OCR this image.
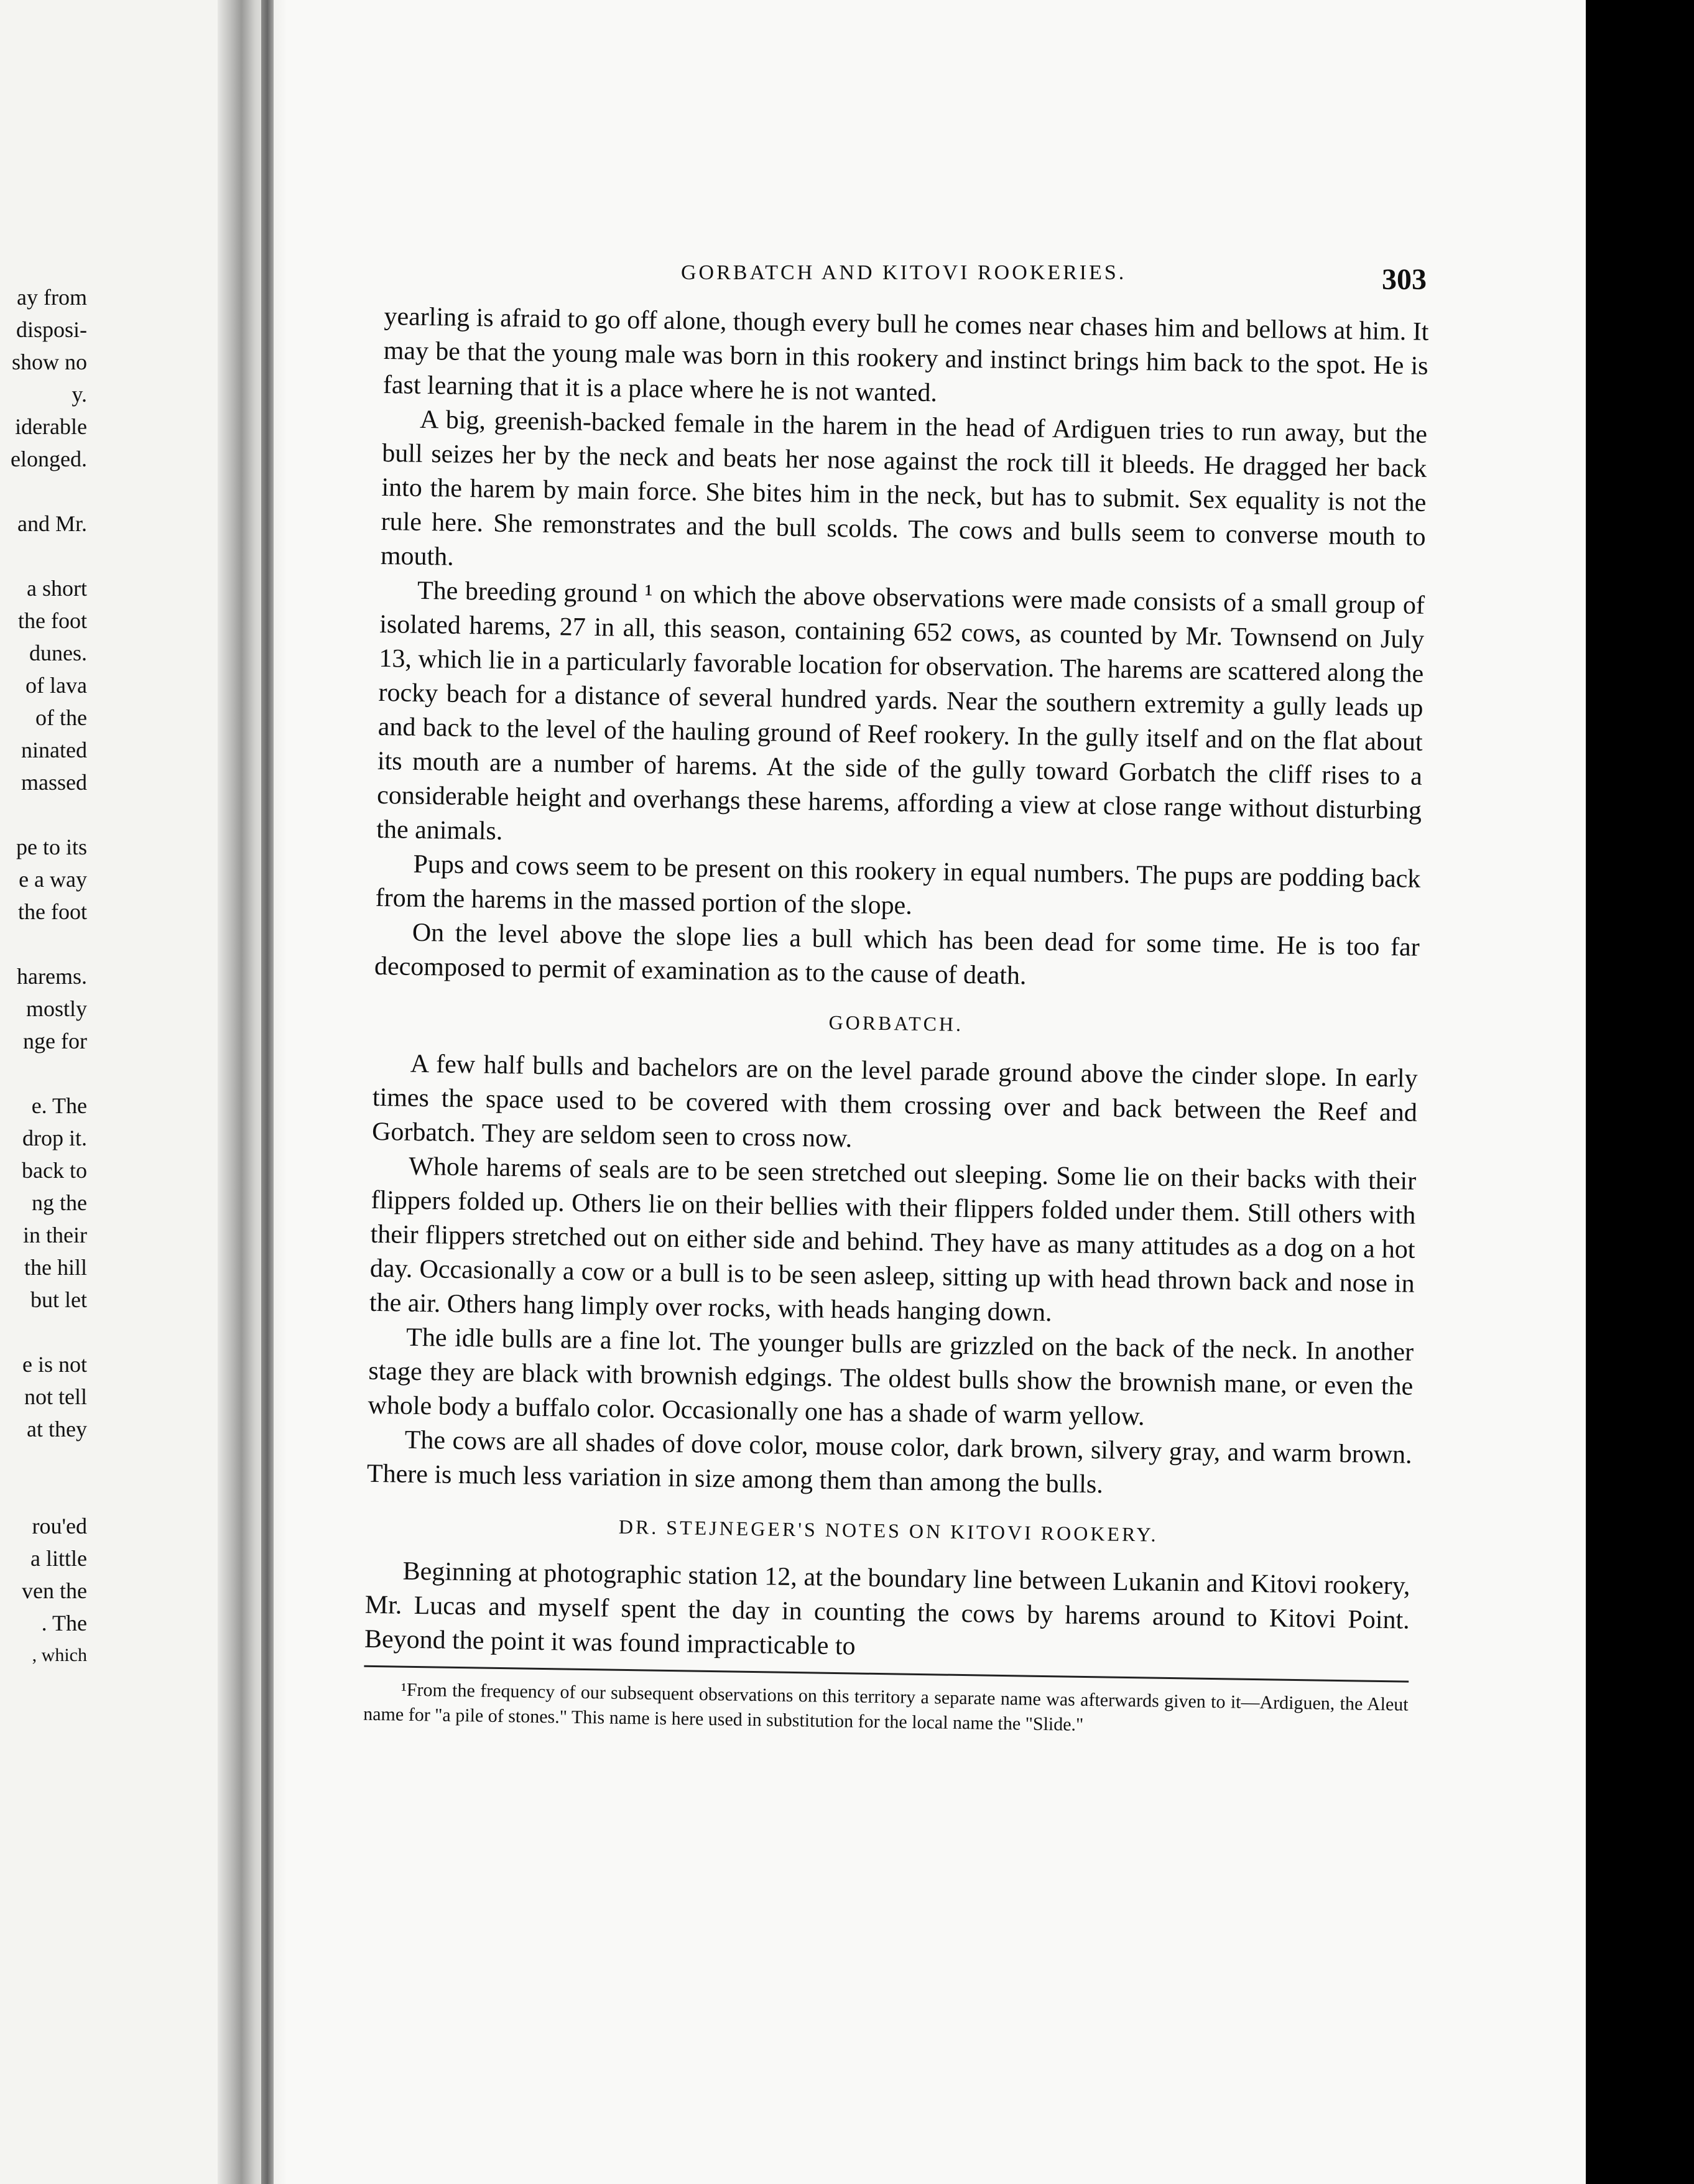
ay from
disposi-
show no
y.
iderable
elonged.
and Mr.
a short
the foot
dunes.
of lava
of the
ninated
massed
pe to its
e a way
the foot
harems.
mostly
nge for
e. The
drop it.
back to
ng the
in their
the hill
but let
e is not
not tell
at they
rou'ed
a little
ven the
. The
, which
GORBATCH AND KITOVI ROOKERIES.	303

yearling is afraid to go off alone, though every bull he comes near chases him and bellows at him. It may be that the young male was born in this rookery and instinct brings him back to the spot. He is fast learning that it is a place where he is not wanted.

A big, greenish-backed female in the harem in the head of Ardiguen tries to run away, but the bull seizes her by the neck and beats her nose against the rock till it bleeds. He dragged her back into the harem by main force. She bites him in the neck, but has to submit. Sex equality is not the rule here. She remonstrates and the bull scolds. The cows and bulls seem to converse mouth to mouth.

The breeding ground ¹ on which the above observations were made consists of a small group of isolated harems, 27 in all, this season, containing 652 cows, as counted by Mr. Townsend on July 13, which lie in a particularly favorable location for observation. The harems are scattered along the rocky beach for a distance of several hundred yards. Near the southern extremity a gully leads up and back to the level of the hauling ground of Reef rookery. In the gully itself and on the flat about its mouth are a number of harems. At the side of the gully toward Gorbatch the cliff rises to a considerable height and overhangs these harems, affording a view at close range without disturbing the animals.

Pups and cows seem to be present on this rookery in equal numbers. The pups are podding back from the harems in the massed portion of the slope.

On the level above the slope lies a bull which has been dead for some time. He is too far decomposed to permit of examination as to the cause of death.

GORBATCH.

A few half bulls and bachelors are on the level parade ground above the cinder slope. In early times the space used to be covered with them crossing over and back between the Reef and Gorbatch. They are seldom seen to cross now.

Whole harems of seals are to be seen stretched out sleeping. Some lie on their backs with their flippers folded up. Others lie on their bellies with their flippers folded under them. Still others with their flippers stretched out on either side and behind. They have as many attitudes as a dog on a hot day. Occasionally a cow or a bull is to be seen asleep, sitting up with head thrown back and nose in the air. Others hang limply over rocks, with heads hanging down.

The idle bulls are a fine lot. The younger bulls are grizzled on the back of the neck. In another stage they are black with brownish edgings. The oldest bulls show the brownish mane, or even the whole body a buffalo color. Occasionally one has a shade of warm yellow.

The cows are all shades of dove color, mouse color, dark brown, silvery gray, and warm brown. There is much less variation in size among them than among the bulls.

DR. STEJNEGER'S NOTES ON KITOVI ROOKERY.

Beginning at photographic station 12, at the boundary line between Lukanin and Kitovi rookery, Mr. Lucas and myself spent the day in counting the cows by harems around to Kitovi Point. Beyond the point it was found impracticable to

¹From the frequency of our subsequent observations on this territory a separate name was afterwards given to it—Ardiguen, the Aleut name for "a pile of stones." This name is here used in substitution for the local name the "Slide."
